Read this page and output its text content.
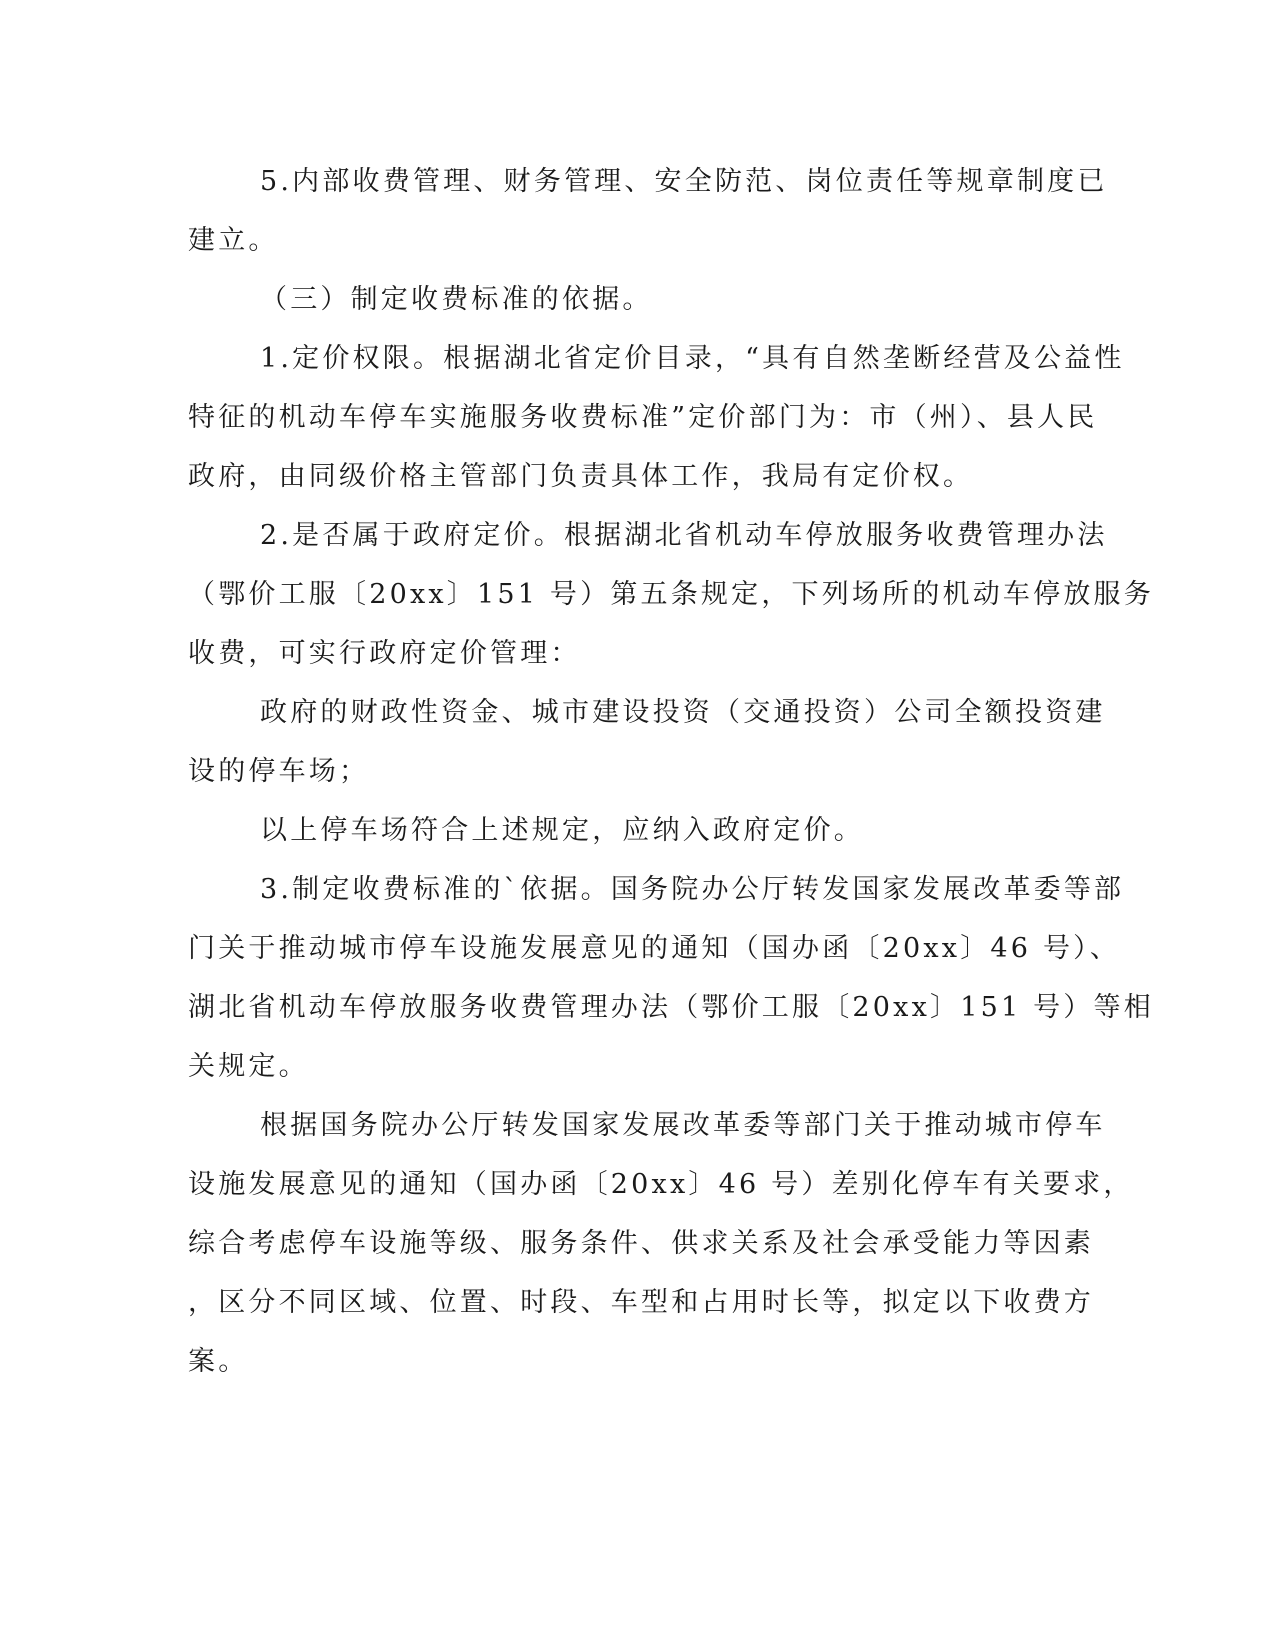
5.内部收费管理、财务管理、安全防范、岗位责任等规章制度已
建立。
（三）制定收费标准的依据。
1.定价权限。根据湖北省定价目录，“具有自然垄断经营及公益性
特征的机动车停车实施服务收费标准”定价部门为：市（州）、县人民
政府，由同级价格主管部门负责具体工作，我局有定价权。
2.是否属于政府定价。根据湖北省机动车停放服务收费管理办法
（鄂价工服〔20xx〕151 号）第五条规定，下列场所的机动车停放服务
收费，可实行政府定价管理：
政府的财政性资金、城市建设投资（交通投资）公司全额投资建
设的停车场；
以上停车场符合上述规定，应纳入政府定价。
3.制定收费标准的`依据。国务院办公厅转发国家发展改革委等部
门关于推动城市停车设施发展意见的通知（国办函〔20xx〕46 号）、
湖北省机动车停放服务收费管理办法（鄂价工服〔20xx〕151 号）等相
关规定。
根据国务院办公厅转发国家发展改革委等部门关于推动城市停车
设施发展意见的通知（国办函〔20xx〕46 号）差别化停车有关要求，
综合考虑停车设施等级、服务条件、供求关系及社会承受能力等因素
，区分不同区域、位置、时段、车型和占用时长等，拟定以下收费方
案。
